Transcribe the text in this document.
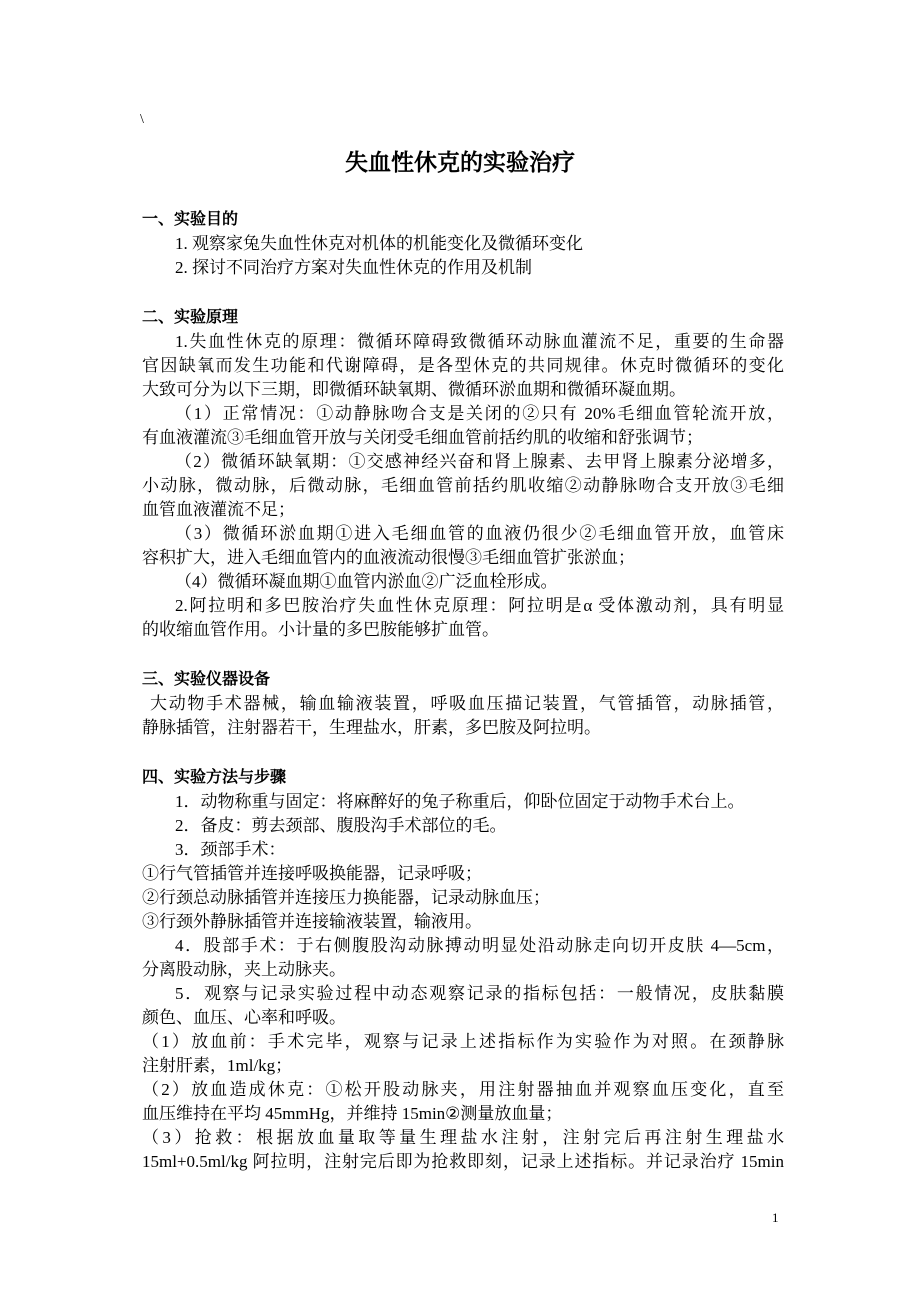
\
失血性休克的实验治疗
一、实验目的
1. 观察家兔失血性休克对机体的机能变化及微循环变化
2. 探讨不同治疗方案对失血性休克的作用及机制
二、实验原理
1.失血性休克的原理：微循环障碍致微循环动脉血灌流不足，重要的生命器
官因缺氧而发生功能和代谢障碍，是各型休克的共同规律。休克时微循环的变化
大致可分为以下三期，即微循环缺氧期、微循环淤血期和微循环凝血期。
（1）正常情况：①动静脉吻合支是关闭的②只有 20%毛细血管轮流开放，
有血液灌流③毛细血管开放与关闭受毛细血管前括约肌的收缩和舒张调节；
（2）微循环缺氧期：①交感神经兴奋和肾上腺素、去甲肾上腺素分泌增多，
小动脉，微动脉，后微动脉，毛细血管前括约肌收缩②动静脉吻合支开放③毛细
血管血液灌流不足；
（3）微循环淤血期①进入毛细血管的血液仍很少②毛细血管开放，血管床
容积扩大，进入毛细血管内的血液流动很慢③毛细血管扩张淤血；
（4）微循环凝血期①血管内淤血②广泛血栓形成。
2.阿拉明和多巴胺治疗失血性休克原理：阿拉明是α 受体激动剂，具有明显
的收缩血管作用。小计量的多巴胺能够扩血管。
三、实验仪器设备
大动物手术器械，输血输液装置，呼吸血压描记装置，气管插管，动脉插管，
静脉插管，注射器若干，生理盐水，肝素，多巴胺及阿拉明。
四、实验方法与步骤
1．动物称重与固定：将麻醉好的兔子称重后，仰卧位固定于动物手术台上。
2．备皮：剪去颈部、腹股沟手术部位的毛。
3．颈部手术：
①行气管插管并连接呼吸换能器，记录呼吸；
②行颈总动脉插管并连接压力换能器，记录动脉血压；
③行颈外静脉插管并连接输液装置，输液用。
4．股部手术：于右侧腹股沟动脉搏动明显处沿动脉走向切开皮肤 4—5cm，
分离股动脉，夹上动脉夹。
5．观察与记录实验过程中动态观察记录的指标包括：一般情况，皮肤黏膜
颜色、血压、心率和呼吸。
（1）放血前：手术完毕，观察与记录上述指标作为实验作为对照。在颈静脉
注射肝素，1ml/kg；
（2）放血造成休克：①松开股动脉夹，用注射器抽血并观察血压变化，直至
血压维持在平均 45mmHg，并维持 15min②测量放血量；
（3）抢救：根据放血量取等量生理盐水注射，注射完后再注射生理盐水
15ml+0.5ml/kg 阿拉明，注射完后即为抢救即刻，记录上述指标。并记录治疗 15min
1
